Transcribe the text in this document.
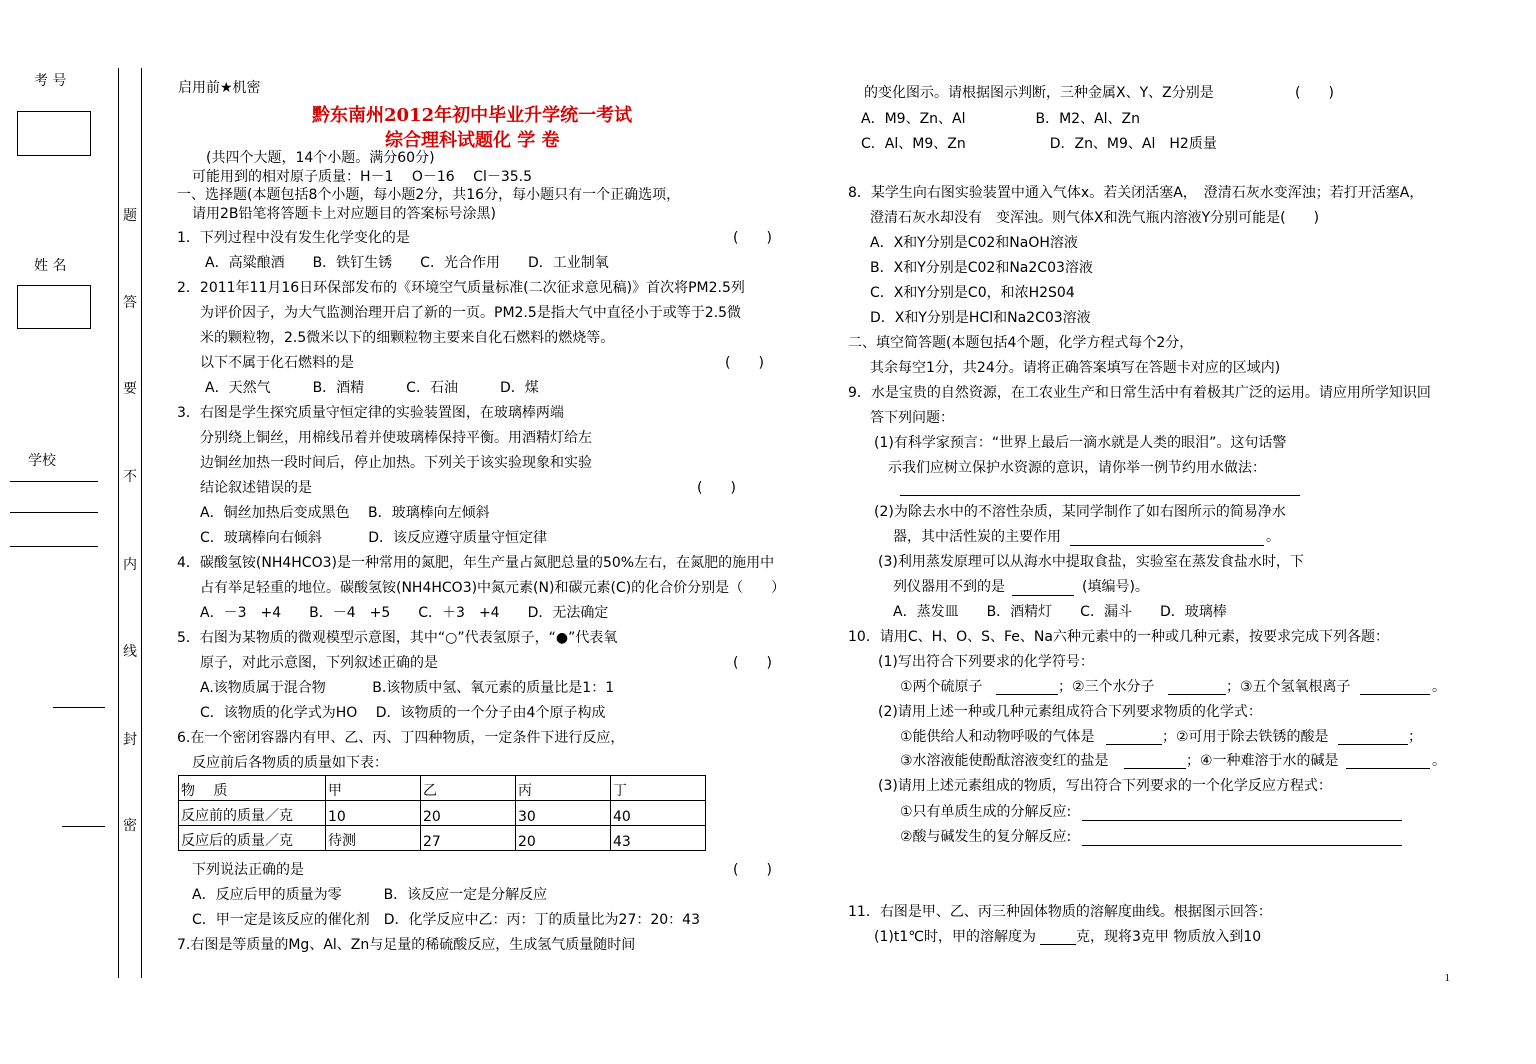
考 号
姓 名
学校
题
答
要
不
内
线
封
密
启用前★机密
黔东南州2012年初中毕业升学统一考试
综合理科试题化 学 卷
(共四个大题，14个小题。满分60分)
可能用到的相对原子质量：H－1　 O－16　 Cl－35.5
一、选择题(本题包括8个小题，每小题2分，共16分，每小题只有一个正确选项，
请用2B铅笔将答题卡上对应题目的答案标号涂黑)
1．下列过程中没有发生化学变化的是	(　　)
A．高粱酿酒　　B．铁钉生锈　　C．光合作用　　D．工业制氧
2．2011年11月16日环保部发布的《环境空气质量标准(二次征求意见稿)》首次将PM2.5列
为评价因子，为大气监测治理开启了新的一页。PM2.5是指大气中直径小于或等于2.5微
米的颗粒物，2.5微米以下的细颗粒物主要来自化石燃料的燃烧等。
以下不属于化石燃料的是	(　　)
A．天然气　　　B．酒精　　　C．石油　　　D．煤
3．右图是学生探究质量守恒定律的实验装置图，在玻璃棒两端
分别绕上铜丝，用棉线吊着并使玻璃棒保持平衡。用酒精灯给左
边铜丝加热一段时间后，停止加热。下列关于该实验现象和实验
结论叙述错误的是	(　　)
A．铜丝加热后变成黑色　 B．玻璃棒向左倾斜
C．玻璃棒向右倾斜　　　 D．该反应遵守质量守恒定律
4．碳酸氢铵(NH4HCO3)是一种常用的氮肥，年生产量占氮肥总量的50%左右，在氮肥的施用中
占有举足轻重的地位。碳酸氢铵(NH4HCO3)中氮元素(N)和碳元素(C)的化合价分别是（　　）
A．－3　+4　　B．－4　+5　　C．＋3　+4　　D．无法确定
5．右图为某物质的微观模型示意图，其中“○”代表氢原子，“●”代表氧
原子，对此示意图，下列叙述正确的是	(　　)
A.该物质属于混合物　　　 B.该物质中氢、氧元素的质量比是1：1
C．该物质的化学式为HO　 D．该物质的一个分子由4个原子构成
6.在一个密闭容器内有甲、乙、丙、丁四种物质，一定条件下进行反应，
反应前后各物质的质量如下表：
物　 质	甲	乙	丙	丁
反应前的质量／克	10	20	30	40
反应后的质量／克	待测	27	20	43
下列说法正确的是	(　　)
A．反应后甲的质量为零　　　B．该反应一定是分解反应
C．甲一定是该反应的催化剂　D．化学反应中乙：丙：丁的质量比为27：20：43
7.右图是等质量的Mg、Al、Zn与足量的稀硫酸反应，生成氢气质量随时间
的变化图示。请根据图示判断，三种金属X、Y、Z分别是	(　　)
A．M9、Zn、Al　　　　　B．M2、Al、Zn
C．Al、M9、Zn　　　　　　D．Zn、M9、Al　H2质量
8．某学生向右图实验装置中通入气体x。若关闭活塞A，　澄清石灰水变浑浊；若打开活塞A，
澄清石灰水却没有　变浑浊。则气体X和洗气瓶内溶液Y分别可能是(　　)
A．X和Y分别是C02和NaOH溶液
B．X和Y分别是C02和Na2C03溶液
C．X和Y分别是C0，和浓H2S04
D．X和Y分别是HCl和Na2C03溶液
二、填空简答题(本题包括4个题，化学方程式每个2分，
其余每空1分，共24分。请将正确答案填写在答题卡对应的区域内)
9．水是宝贵的自然资源，在工农业生产和日常生活中有着极其广泛的运用。请应用所学知识回
答下列问题：
(1)有科学家预言：“世界上最后一滴水就是人类的眼泪”。这句话警
示我们应树立保护水资源的意识，请你举一例节约用水做法：
(2)为除去水中的不溶性杂质，某同学制作了如右图所示的简易净水
器，其中活性炭的主要作用	。
(3)利用蒸发原理可以从海水中提取食盐，实验室在蒸发食盐水时，下
列仪器用不到的是	(填编号)。
A．蒸发皿　　B．酒精灯　　C．漏斗　　D．玻璃棒
10．请用C、H、O、S、Fe、Na六种元素中的一种或几种元素，按要求完成下列各题：
(1)写出符合下列要求的化学符号：
①两个硫原子	；②三个水分子	；③五个氢氧根离子	。
(2)请用上述一种或几种元素组成符合下列要求物质的化学式：
①能供给人和动物呼吸的气体是	；②可用于除去铁锈的酸是	；
③水溶液能使酚酞溶液变红的盐是	；④一种难溶于水的碱是	。
(3)请用上述元素组成的物质，写出符合下列要求的一个化学反应方程式：
①只有单质生成的分解反应:
②酸与碱发生的复分解反应:
11．右图是甲、乙、丙三种固体物质的溶解度曲线。根据图示回答：
(1)t1℃时，甲的溶解度为	克，现将3克甲 物质放入到10
1
